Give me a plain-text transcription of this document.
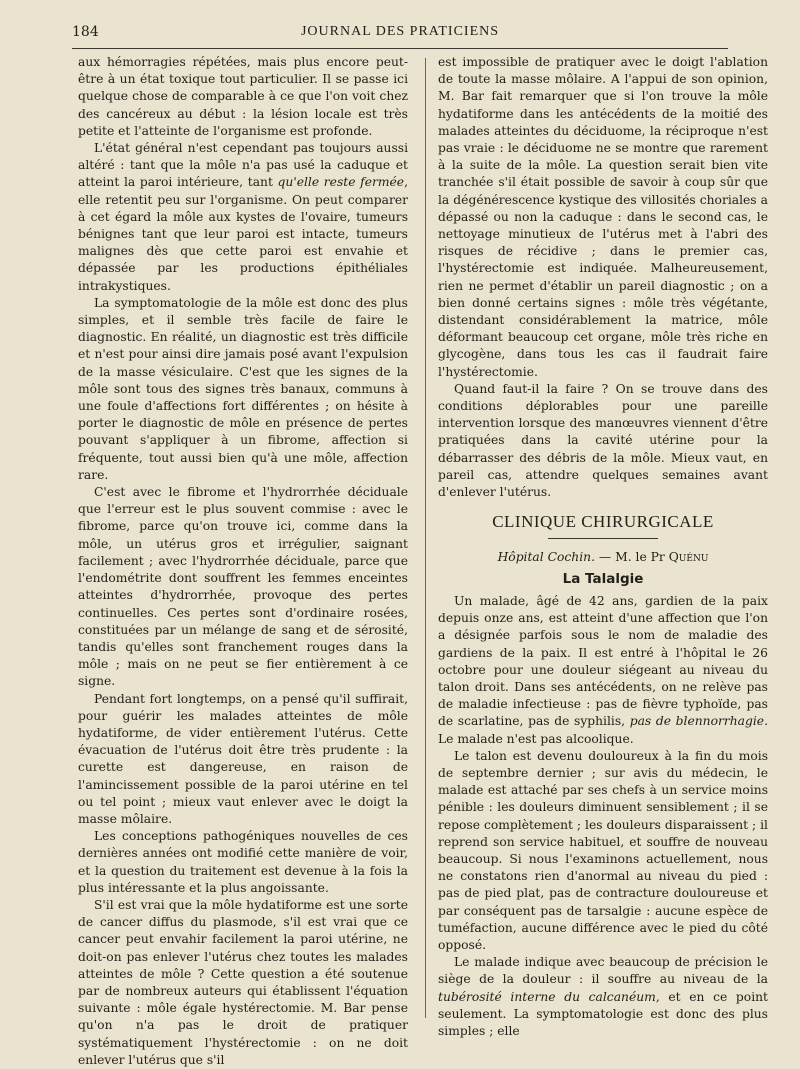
184	JOURNAL DES PRATICIENS

aux hémorragies répétées, mais plus encore peut-être à un état toxique tout particulier. Il se passe ici quelque chose de comparable à ce que l'on voit chez des cancéreux au début : la lésion locale est très petite et l'atteinte de l'organisme est profonde.

L'état général n'est cependant pas toujours aussi altéré : tant que la môle n'a pas usé la caduque et atteint la paroi intérieure, tant qu'elle reste fermée, elle retentit peu sur l'organisme. On peut comparer à cet égard la môle aux kystes de l'ovaire, tumeurs bénignes tant que leur paroi est intacte, tumeurs malignes dès que cette paroi est envahie et dépassée par les productions épithéliales intrakystiques.

La symptomatologie de la môle est donc des plus simples, et il semble très facile de faire le diagnostic. En réalité, un diagnostic est très difficile et n'est pour ainsi dire jamais posé avant l'expulsion de la masse vésiculaire. C'est que les signes de la môle sont tous des signes très banaux, communs à une foule d'affections fort différentes ; on hésite à porter le diagnostic de môle en présence de pertes pouvant s'appliquer à un fibrome, affection si fréquente, tout aussi bien qu'à une môle, affection rare.

C'est avec le fibrome et l'hydrorrhée déciduale que l'erreur est le plus souvent commise : avec le fibrome, parce qu'on trouve ici, comme dans la môle, un utérus gros et irrégulier, saignant facilement ; avec l'hydrorrhée déciduale, parce que l'endométrite dont souffrent les femmes enceintes atteintes d'hydrorrhée, provoque des pertes continuelles. Ces pertes sont d'ordinaire rosées, constituées par un mélange de sang et de sérosité, tandis qu'elles sont franchement rouges dans la môle ; mais on ne peut se fier entièrement à ce signe.

Pendant fort longtemps, on a pensé qu'il suffirait, pour guérir les malades atteintes de môle hydatiforme, de vider entièrement l'utérus. Cette évacuation de l'utérus doit être très prudente : la curette est dangereuse, en raison de l'amincissement possible de la paroi utérine en tel ou tel point ; mieux vaut enlever avec le doigt la masse môlaire.

Les conceptions pathogéniques nouvelles de ces dernières années ont modifié cette manière de voir, et la question du traitement est devenue à la fois la plus intéressante et la plus angoissante.

S'il est vrai que la môle hydatiforme est une sorte de cancer diffus du plasmode, s'il est vrai que ce cancer peut envahir facilement la paroi utérine, ne doit-on pas enlever l'utérus chez toutes les malades atteintes de môle ? Cette question a été soutenue par de nombreux auteurs qui établissent l'équation suivante : môle égale hystérectomie. M. Bar pense qu'on n'a pas le droit de pratiquer systématiquement l'hystérectomie : on ne doit enlever l'utérus que s'il

est impossible de pratiquer avec le doigt l'ablation de toute la masse môlaire. A l'appui de son opinion, M. Bar fait remarquer que si l'on trouve la môle hydatiforme dans les antécédents de la moitié des malades atteintes du déciduome, la réciproque n'est pas vraie : le déciduome ne se montre que rarement à la suite de la môle. La question serait bien vite tranchée s'il était possible de savoir à coup sûr que la dégénérescence kystique des villosités choriales a dépassé ou non la caduque : dans le second cas, le nettoyage minutieux de l'utérus met à l'abri des risques de récidive ; dans le premier cas, l'hystérectomie est indiquée. Malheureusement, rien ne permet d'établir un pareil diagnostic ; on a bien donné certains signes : môle très végétante, distendant considérablement la matrice, môle déformant beaucoup cet organe, môle très riche en glycogène, dans tous les cas il faudrait faire l'hystérectomie.

Quand faut-il la faire ? On se trouve dans des conditions déplorables pour une pareille intervention lorsque des manœuvres viennent d'être pratiquées dans la cavité utérine pour la débarrasser des débris de la môle. Mieux vaut, en pareil cas, attendre quelques semaines avant d'enlever l'utérus.

CLINIQUE CHIRURGICALE
Hôpital Cochin. — M. le Pr Quénu
La Talalgie

Un malade, âgé de 42 ans, gardien de la paix depuis onze ans, est atteint d'une affection que l'on a désignée parfois sous le nom de maladie des gardiens de la paix. Il est entré à l'hôpital le 26 octobre pour une douleur siégeant au niveau du talon droit. Dans ses antécédents, on ne relève pas de maladie infectieuse : pas de fièvre typhoïde, pas de scarlatine, pas de syphilis, pas de blennorrhagie. Le malade n'est pas alcoolique.

Le talon est devenu douloureux à la fin du mois de septembre dernier ; sur avis du médecin, le malade est attaché par ses chefs à un service moins pénible : les douleurs diminuent sensiblement ; il se repose complètement ; les douleurs disparaissent ; il reprend son service habituel, et souffre de nouveau beaucoup. Si nous l'examinons actuellement, nous ne constatons rien d'anormal au niveau du pied : pas de pied plat, pas de contracture douloureuse et par conséquent pas de tarsalgie : aucune espèce de tuméfaction, aucune différence avec le pied du côté opposé.

Le malade indique avec beaucoup de précision le siège de la douleur : il souffre au niveau de la tubérosité interne du calcanéum, et en ce point seulement. La symptomatologie est donc des plus simples ; elle
